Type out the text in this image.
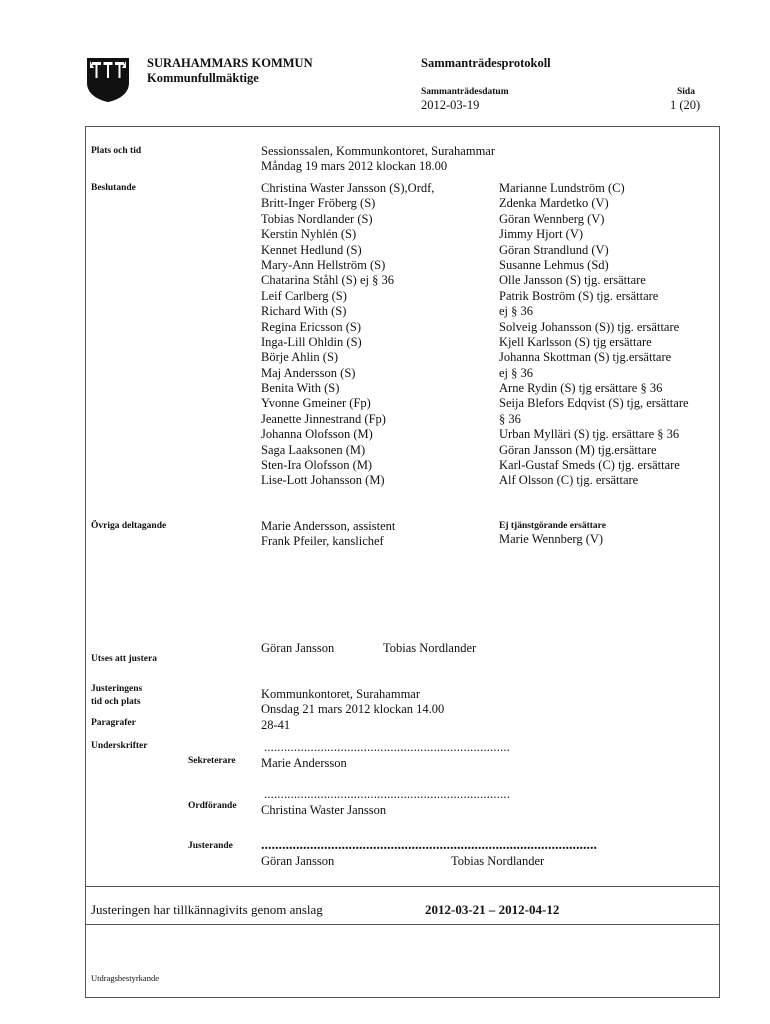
SURAHAMMARS KOMMUN
Kommunfullmäktige
Sammanträdesprotokoll
Sammanträdesdatum
2012-03-19
Sida
1 (20)
Plats och tid	Sessionssalen, Kommunkontoret, Surahammar
Måndag 19 mars 2012 klockan 18.00
Beslutande	Christina Waster Jansson (S),Ordf,
Britt-Inger Fröberg (S)
Tobias Nordlander (S)
Kerstin Nyhlén (S)
Kennet Hedlund (S)
Mary-Ann Hellström (S)
Chatarina Ståhl (S) ej § 36
Leif Carlberg (S)
Richard With (S)
Regina Ericsson (S)
Inga-Lill Ohldin (S)
Börje Ahlin (S)
Maj Andersson (S)
Benita With (S)
Yvonne Gmeiner (Fp)
Jeanette Jinnestrand (Fp)
Johanna Olofsson (M)
Saga Laaksonen (M)
Sten-Ira Olofsson (M)
Lise-Lott Johansson (M)
Marianne Lundström (C)
Zdenka Mardetko (V)
Göran Wennberg (V)
Jimmy Hjort (V)
Göran Strandlund (V)
Susanne Lehmus (Sd)
Olle Jansson (S) tjg. ersättare
Patrik Boström (S) tjg. ersättare
ej § 36
Solveig Johansson (S)) tjg. ersättare
Kjell Karlsson (S) tjg ersättare
Johanna Skottman (S) tjg.ersättare
ej § 36
Arne Rydin (S) tjg ersättare § 36
Seija Blefors Edqvist (S) tjg, ersättare
§ 36
Urban Mylläri (S) tjg. ersättare § 36
Göran Jansson (M) tjg.ersättare
Karl-Gustaf Smeds (C) tjg. ersättare
Alf Olsson (C) tjg. ersättare
Övriga deltagande	Marie Andersson, assistent
Frank Pfeiler, kanslichef
Ej tjänstgörande ersättare
Marie Wennberg (V)
Göran Jansson	Tobias Nordlander
Utses att justera
Justeringens
tid och plats
Kommunkontoret, Surahammar
Onsdag 21 mars 2012 klockan 14.00
Paragrafer	28-41
Underskrifter	..........................................................................
Sekreterare Marie Andersson
..........................................................................
Ordförande Christina Waster Jansson
Justerande ................................................................................................
Göran Jansson	Tobias Nordlander
Justeringen har tillkännagivits genom anslag	2012-03-21 – 2012-04-12
Utdragsbestyrkande
